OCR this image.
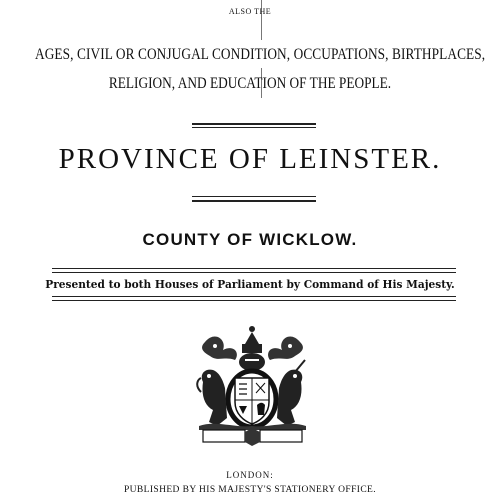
ALSO THE
AGES, CIVIL OR CONJUGAL CONDITION, OCCUPATIONS, BIRTHPLACES,
RELIGION, AND EDUCATION OF THE PEOPLE.
PROVINCE OF LEINSTER.
COUNTY OF WICKLOW.
Presented to both Houses of Parliament by Command of His Majesty.
LONDON:
PUBLISHED BY HIS MAJESTY'S STATIONERY OFFICE.
